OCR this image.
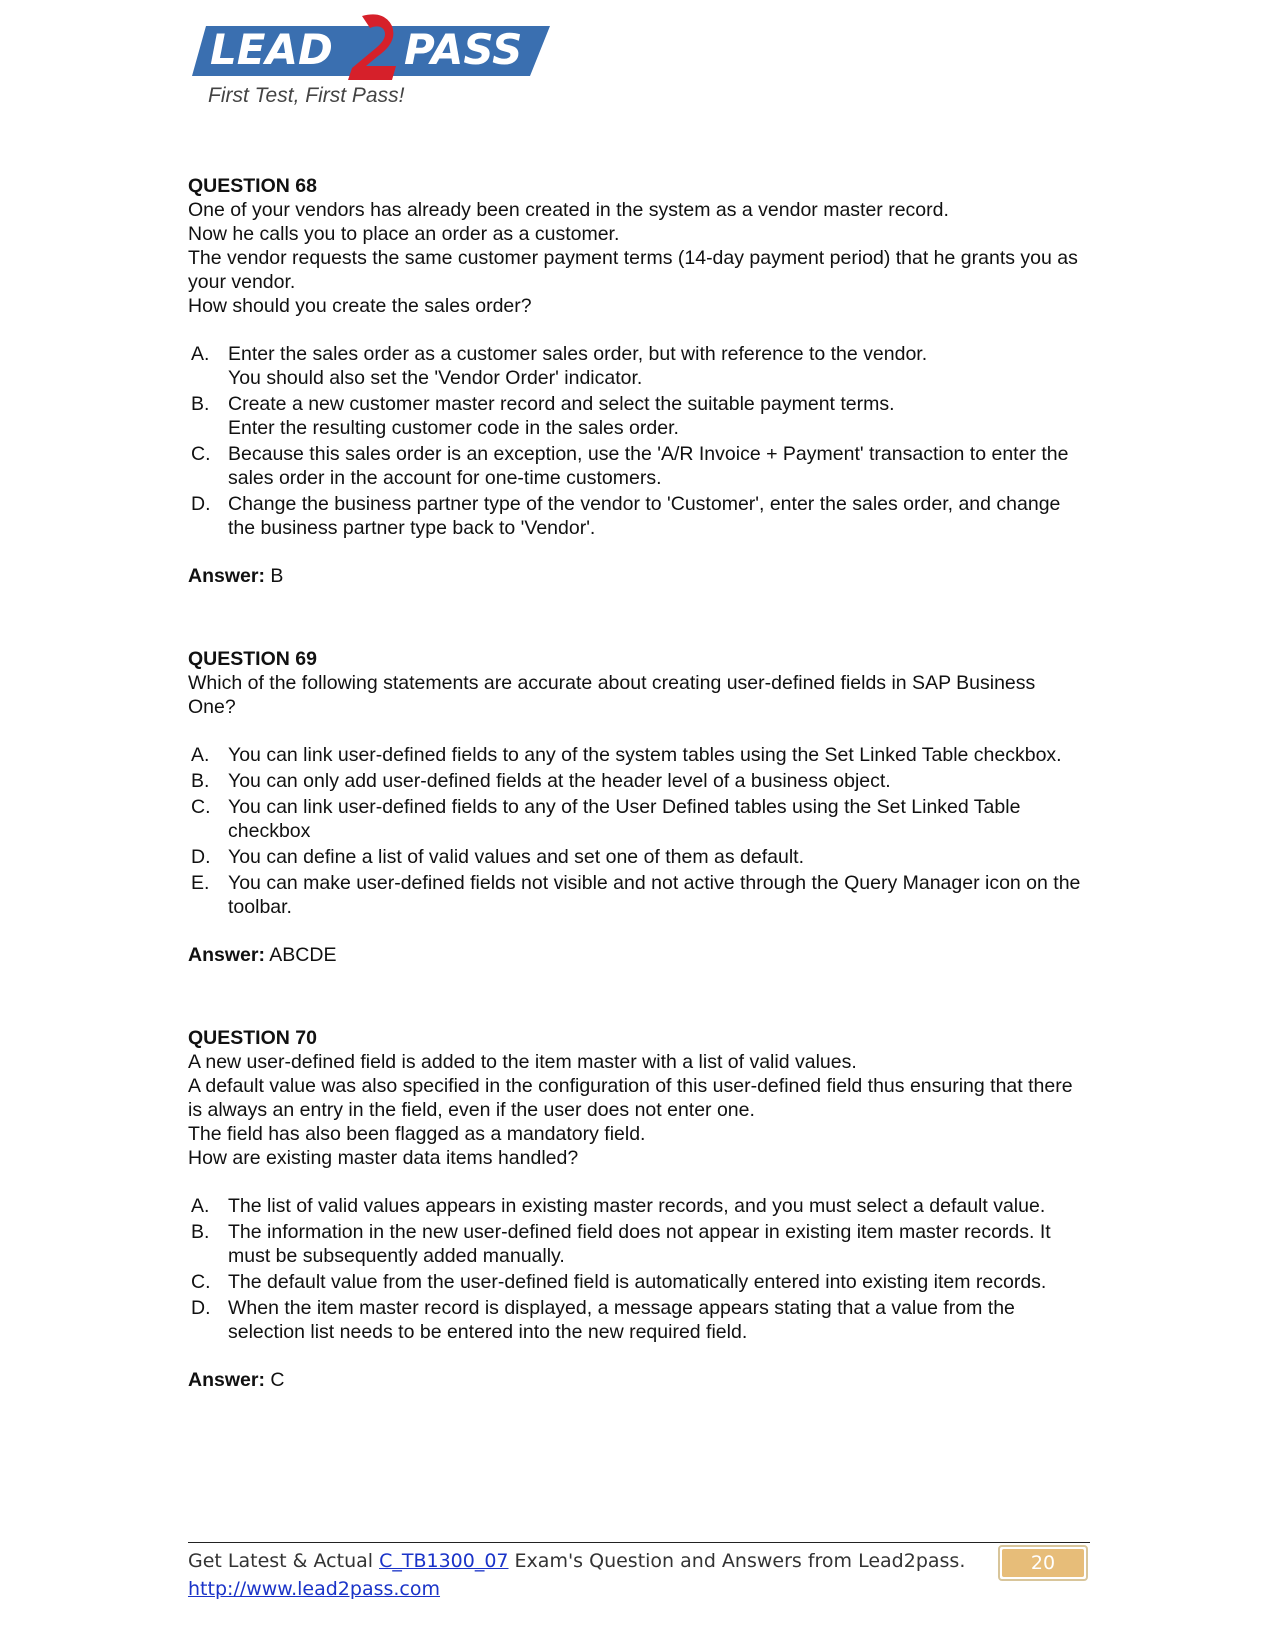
LEAD PASS
First Test, First Pass!
QUESTION 68

One of your vendors has already been created in the system as a vendor master record.

Now he calls you to place an order as a customer.

The vendor requests the same customer payment terms (14-day payment period) that he grants you as your vendor.

How should you create the sales order?

A. Enter the sales order as a customer sales order, but with reference to the vendor.
You should also set the 'Vendor Order' indicator.
B. Create a new customer master record and select the suitable payment terms.
Enter the resulting customer code in the sales order.
C. Because this sales order is an exception, use the 'A/R Invoice + Payment' transaction to enter the sales order in the account for one-time customers.
D. Change the business partner type of the vendor to 'Customer', enter the sales order, and change the business partner type back to 'Vendor'.
Answer: B
QUESTION 69

Which of the following statements are accurate about creating user-defined fields in SAP Business One?

A. You can link user-defined fields to any of the system tables using the Set Linked Table checkbox.
B. You can only add user-defined fields at the header level of a business object.
C. You can link user-defined fields to any of the User Defined tables using the Set Linked Table checkbox
D. You can define a list of valid values and set one of them as default.
E. You can make user-defined fields not visible and not active through the Query Manager icon on the toolbar.
Answer: ABCDE
QUESTION 70

A new user-defined field is added to the item master with a list of valid values.

A default value was also specified in the configuration of this user-defined field thus ensuring that there is always an entry in the field, even if the user does not enter one.

The field has also been flagged as a mandatory field.

How are existing master data items handled?

A. The list of valid values appears in existing master records, and you must select a default value.
B. The information in the new user-defined field does not appear in existing item master records. It must be subsequently added manually.
C. The default value from the user-defined field is automatically entered into existing item records.
D. When the item master record is displayed, a message appears stating that a value from the selection list needs to be entered into the new required field.
Answer: C
Get Latest & Actual C_TB1300_07 Exam's Question and Answers from Lead2pass.
http://www.lead2pass.com
20
